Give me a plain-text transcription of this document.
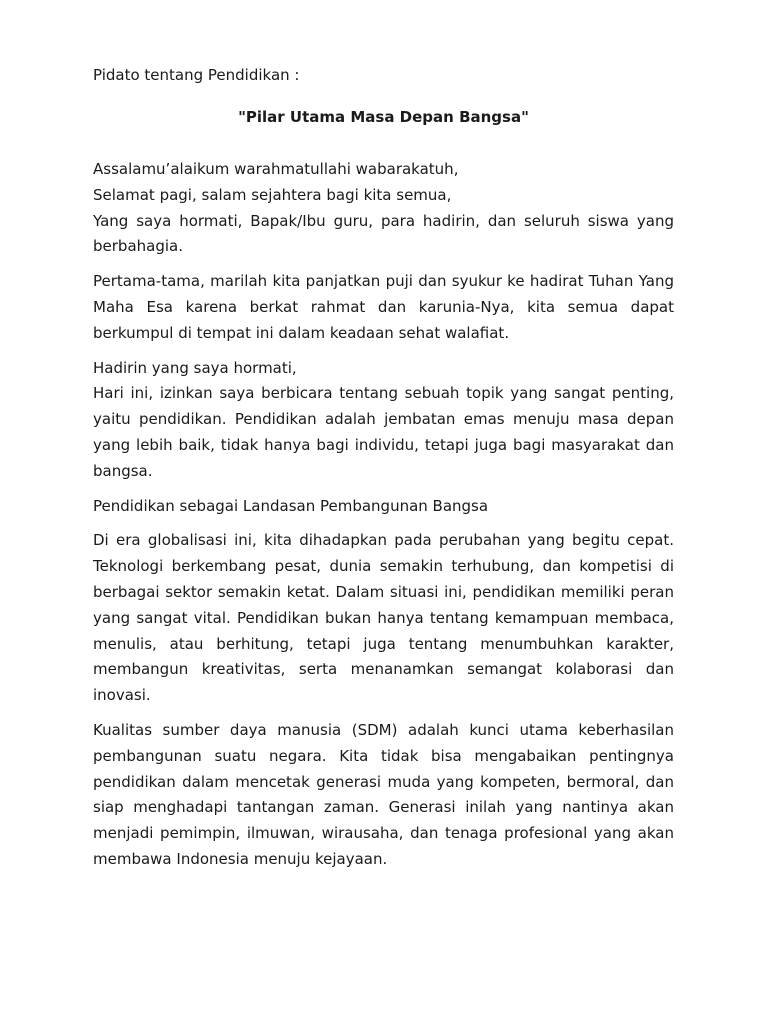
Pidato tentang Pendidikan :

"Pilar Utama Masa Depan Bangsa"

Assalamu’alaikum warahmatullahi wabarakatuh,

Selamat pagi, salam sejahtera bagi kita semua,

Yang saya hormati, Bapak/Ibu guru, para hadirin, dan seluruh siswa yang berbahagia.

Pertama-tama, marilah kita panjatkan puji dan syukur ke hadirat Tuhan Yang Maha Esa karena berkat rahmat dan karunia-Nya, kita semua dapat berkumpul di tempat ini dalam keadaan sehat walafiat.

Hadirin yang saya hormati,

Hari ini, izinkan saya berbicara tentang sebuah topik yang sangat penting, yaitu pendidikan. Pendidikan adalah jembatan emas menuju masa depan yang lebih baik, tidak hanya bagi individu, tetapi juga bagi masyarakat dan bangsa.

Pendidikan sebagai Landasan Pembangunan Bangsa

Di era globalisasi ini, kita dihadapkan pada perubahan yang begitu cepat. Teknologi berkembang pesat, dunia semakin terhubung, dan kompetisi di berbagai sektor semakin ketat. Dalam situasi ini, pendidikan memiliki peran yang sangat vital. Pendidikan bukan hanya tentang kemampuan membaca, menulis, atau berhitung, tetapi juga tentang menumbuhkan karakter, membangun kreativitas, serta menanamkan semangat kolaborasi dan inovasi.

Kualitas sumber daya manusia (SDM) adalah kunci utama keberhasilan pembangunan suatu negara. Kita tidak bisa mengabaikan pentingnya pendidikan dalam mencetak generasi muda yang kompeten, bermoral, dan siap menghadapi tantangan zaman. Generasi inilah yang nantinya akan menjadi pemimpin, ilmuwan, wirausaha, dan tenaga profesional yang akan membawa Indonesia menuju kejayaan.
